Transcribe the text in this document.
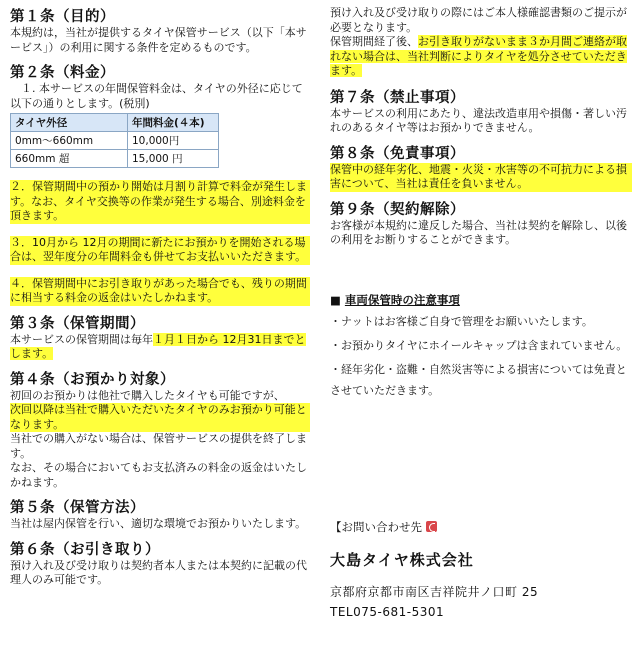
第１条（目的）

本規約は，当社が提供するタイヤ保管サービス（以下「本サービス」）の利用に関する条件を定めるものです。

第２条（料金）

　１. 本サービスの年間保管料金は、タイヤの外径に応じて以下の通りとします。(税別)

タイヤ外径	年間料金(４本)
0mm〜660mm	10,000円
660mm 超	15,000 円

２．保管期間中の預かり開始は月割り計算で料金が発生します。なお、タイヤ交換等の作業が発生する場合、別途料金を頂きます。

３．10月から 12月の期間に新たにお預かりを開始される場合は、翌年度分の年間料金も併せてお支払いいただきます。

４．保管期間中にお引き取りがあった場合でも、残りの期間に相当する料金の返金はいたしかねます。

第３条（保管期間）

本サービスの保管期間は毎年１月１日から 12月31日までとします。

第４条（お預かり対象）

初回のお預かりは他社で購入したタイヤも可能ですが、

次回以降は当社で購入いただいたタイヤのみお預かり可能となります。

当社での購入がない場合は、保管サービスの提供を終了します。

なお、その場合においてもお支払済みの料金の返金はいたしかねます。

第５条（保管方法）

当社は屋内保管を行い、適切な環境でお預かりいたします。

第６条（お引き取り）

預け入れ及び受け取りは契約者本人または本契約に記載の代理人のみ可能です。

預け入れ及び受け取りの際にはご本人様確認書類のご提示が必要となります。

保管期間経了後、お引き取りがないまま３か月間ご連絡が取れない場合は、当社判断によりタイヤを処分させていただきます。

第７条（禁止事項）

本サービスの利用にあたり、違法改造車用や損傷・著しい汚れのあるタイヤ等はお預かりできません。

第８条（免責事項）

保管中の経年劣化、地震・火災・水害等の不可抗力による損害について、当社は責任を負いません。

第９条（契約解除）

お客様が本規約に違反した場合、当社は契約を解除し、以後の利用をお断りすることができます。

■ 車両保管時の注意事項

・ナットはお客様ご自身で管理をお願いいたします。

・お預かりタイヤにホイールキャップは含まれていません。

・経年劣化・盗難・自然災害等による損害については免責とさせていただきます。

【お問い合わせ先
大島タイヤ株式会社
京都府京都市南区吉祥院井ノ口町 25
TEL075-681-5301
